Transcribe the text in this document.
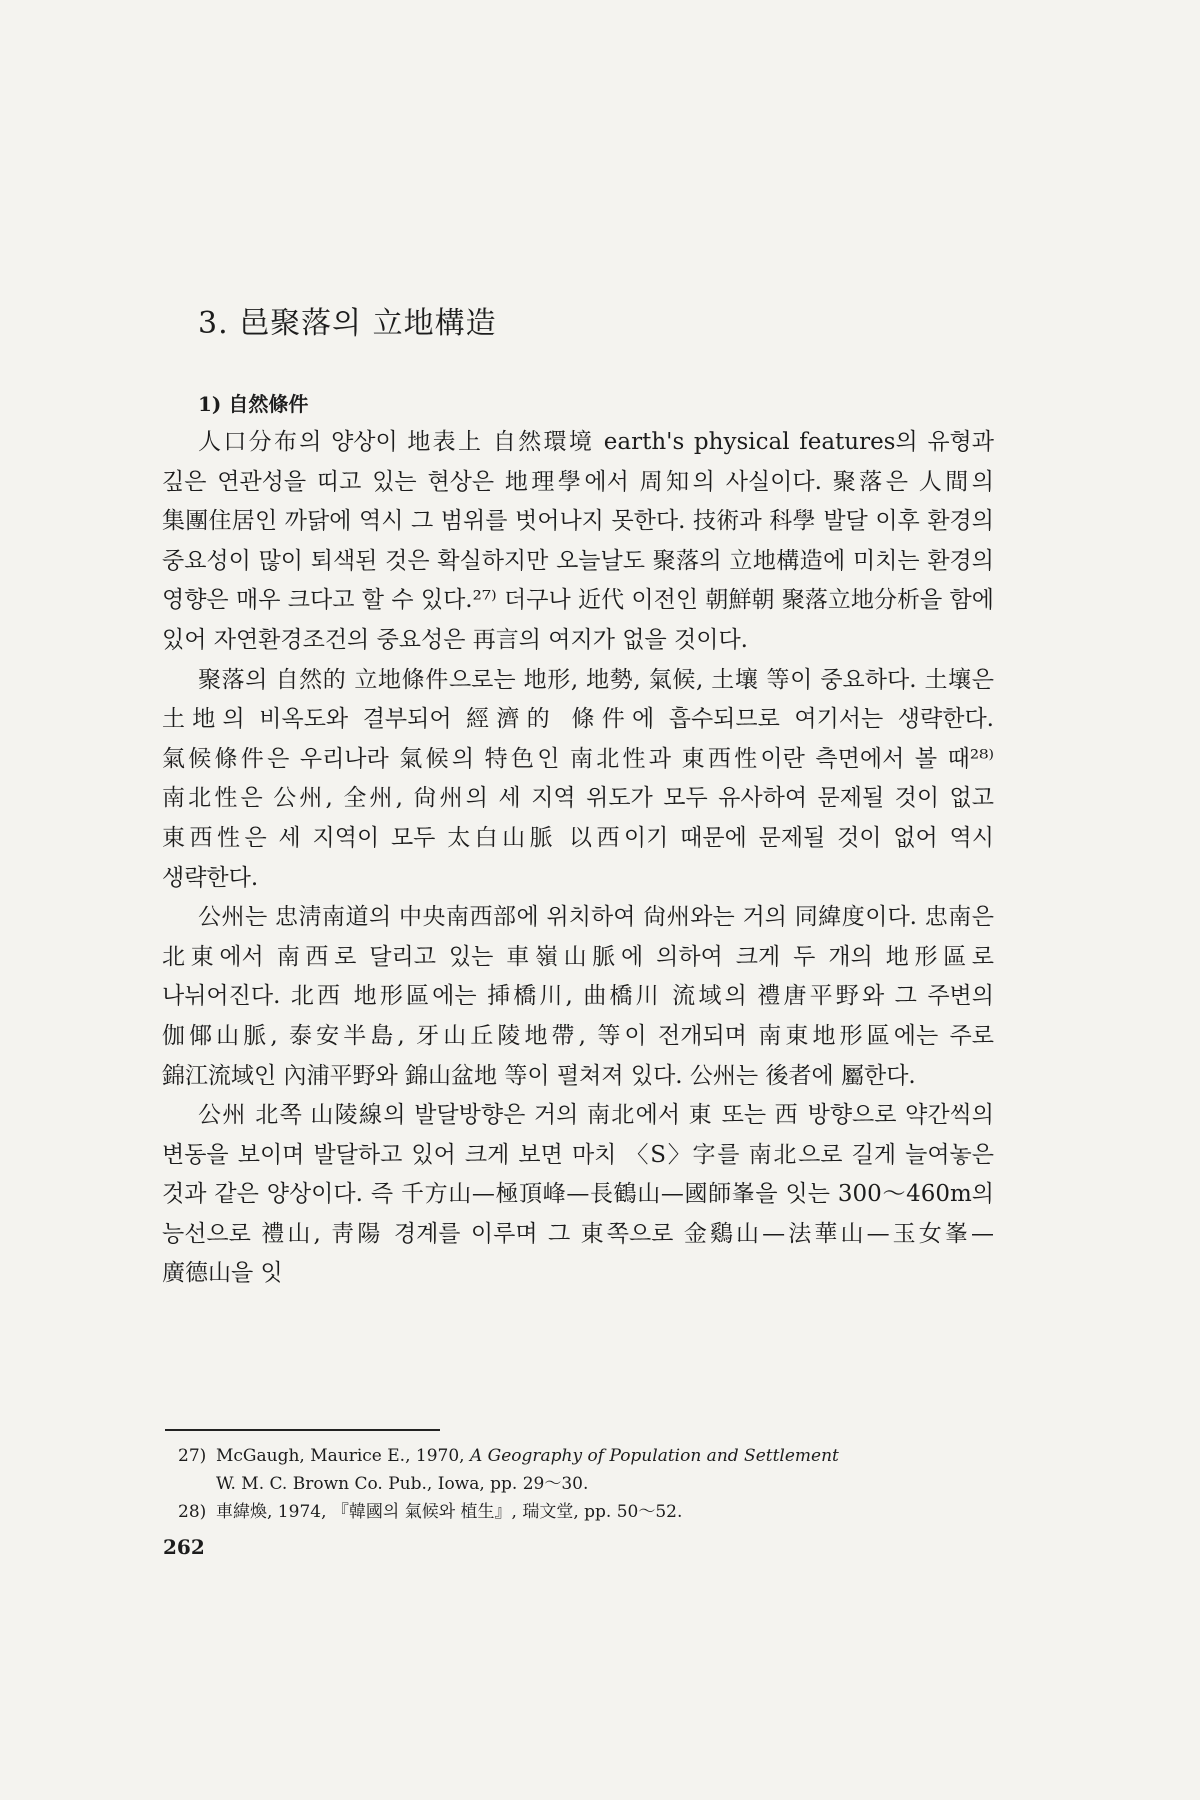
3. 邑聚落의 立地構造
1) 自然條件

人口分布의 양상이 地表上 自然環境 earth's physical features의 유형과 깊은 연관성을 띠고 있는 현상은 地理學에서 周知의 사실이다. 聚落은 人間의 集團住居인 까닭에 역시 그 범위를 벗어나지 못한다. 技術과 科學 발달 이후 환경의 중요성이 많이 퇴색된 것은 확실하지만 오늘날도 聚落의 立地構造에 미치는 환경의 영향은 매우 크다고 할 수 있다.²⁷⁾ 더구나 近代 이전인 朝鮮朝 聚落立地分析을 함에 있어 자연환경조건의 중요성은 再言의 여지가 없을 것이다.

聚落의 自然的 立地條件으로는 地形, 地勢, 氣候, 土壤 等이 중요하다. 土壤은 土地의 비옥도와 결부되어 經濟的 條件에 흡수되므로 여기서는 생략한다. 氣候條件은 우리나라 氣候의 特色인 南北性과 東西性이란 측면에서 볼 때²⁸⁾ 南北性은 公州, 全州, 尙州의 세 지역 위도가 모두 유사하여 문제될 것이 없고 東西性은 세 지역이 모두 太白山脈 以西이기 때문에 문제될 것이 없어 역시 생략한다.

公州는 忠淸南道의 中央南西部에 위치하여 尙州와는 거의 同緯度이다. 忠南은 北東에서 南西로 달리고 있는 車嶺山脈에 의하여 크게 두 개의 地形區로 나뉘어진다. 北西 地形區에는 揷橋川, 曲橋川 流域의 禮唐平野와 그 주변의 伽倻山脈, 泰安半島, 牙山丘陵地帶, 等이 전개되며 南東地形區에는 주로 錦江流域인 內浦平野와 錦山盆地 等이 펼쳐져 있다. 公州는 後者에 屬한다.

公州 北쪽 山陵線의 발달방향은 거의 南北에서 東 또는 西 방향으로 약간씩의 변동을 보이며 발달하고 있어 크게 보면 마치 〈S〉字를 南北으로 길게 늘여놓은 것과 같은 양상이다. 즉 千方山—極頂峰—長鶴山—國師峯을 잇는 300～460m의 능선으로 禮山, 靑陽 경계를 이루며 그 東쪽으로 金鷄山—法華山—玉女峯—廣德山을 잇

27) McGaugh, Maurice E., 1970, A Geography of Population and Settlement
W. M. C. Brown Co. Pub., Iowa, pp. 29～30.
28) 車緯煥, 1974, 『韓國의 氣候와 植生』, 瑞文堂, pp. 50～52.
262
